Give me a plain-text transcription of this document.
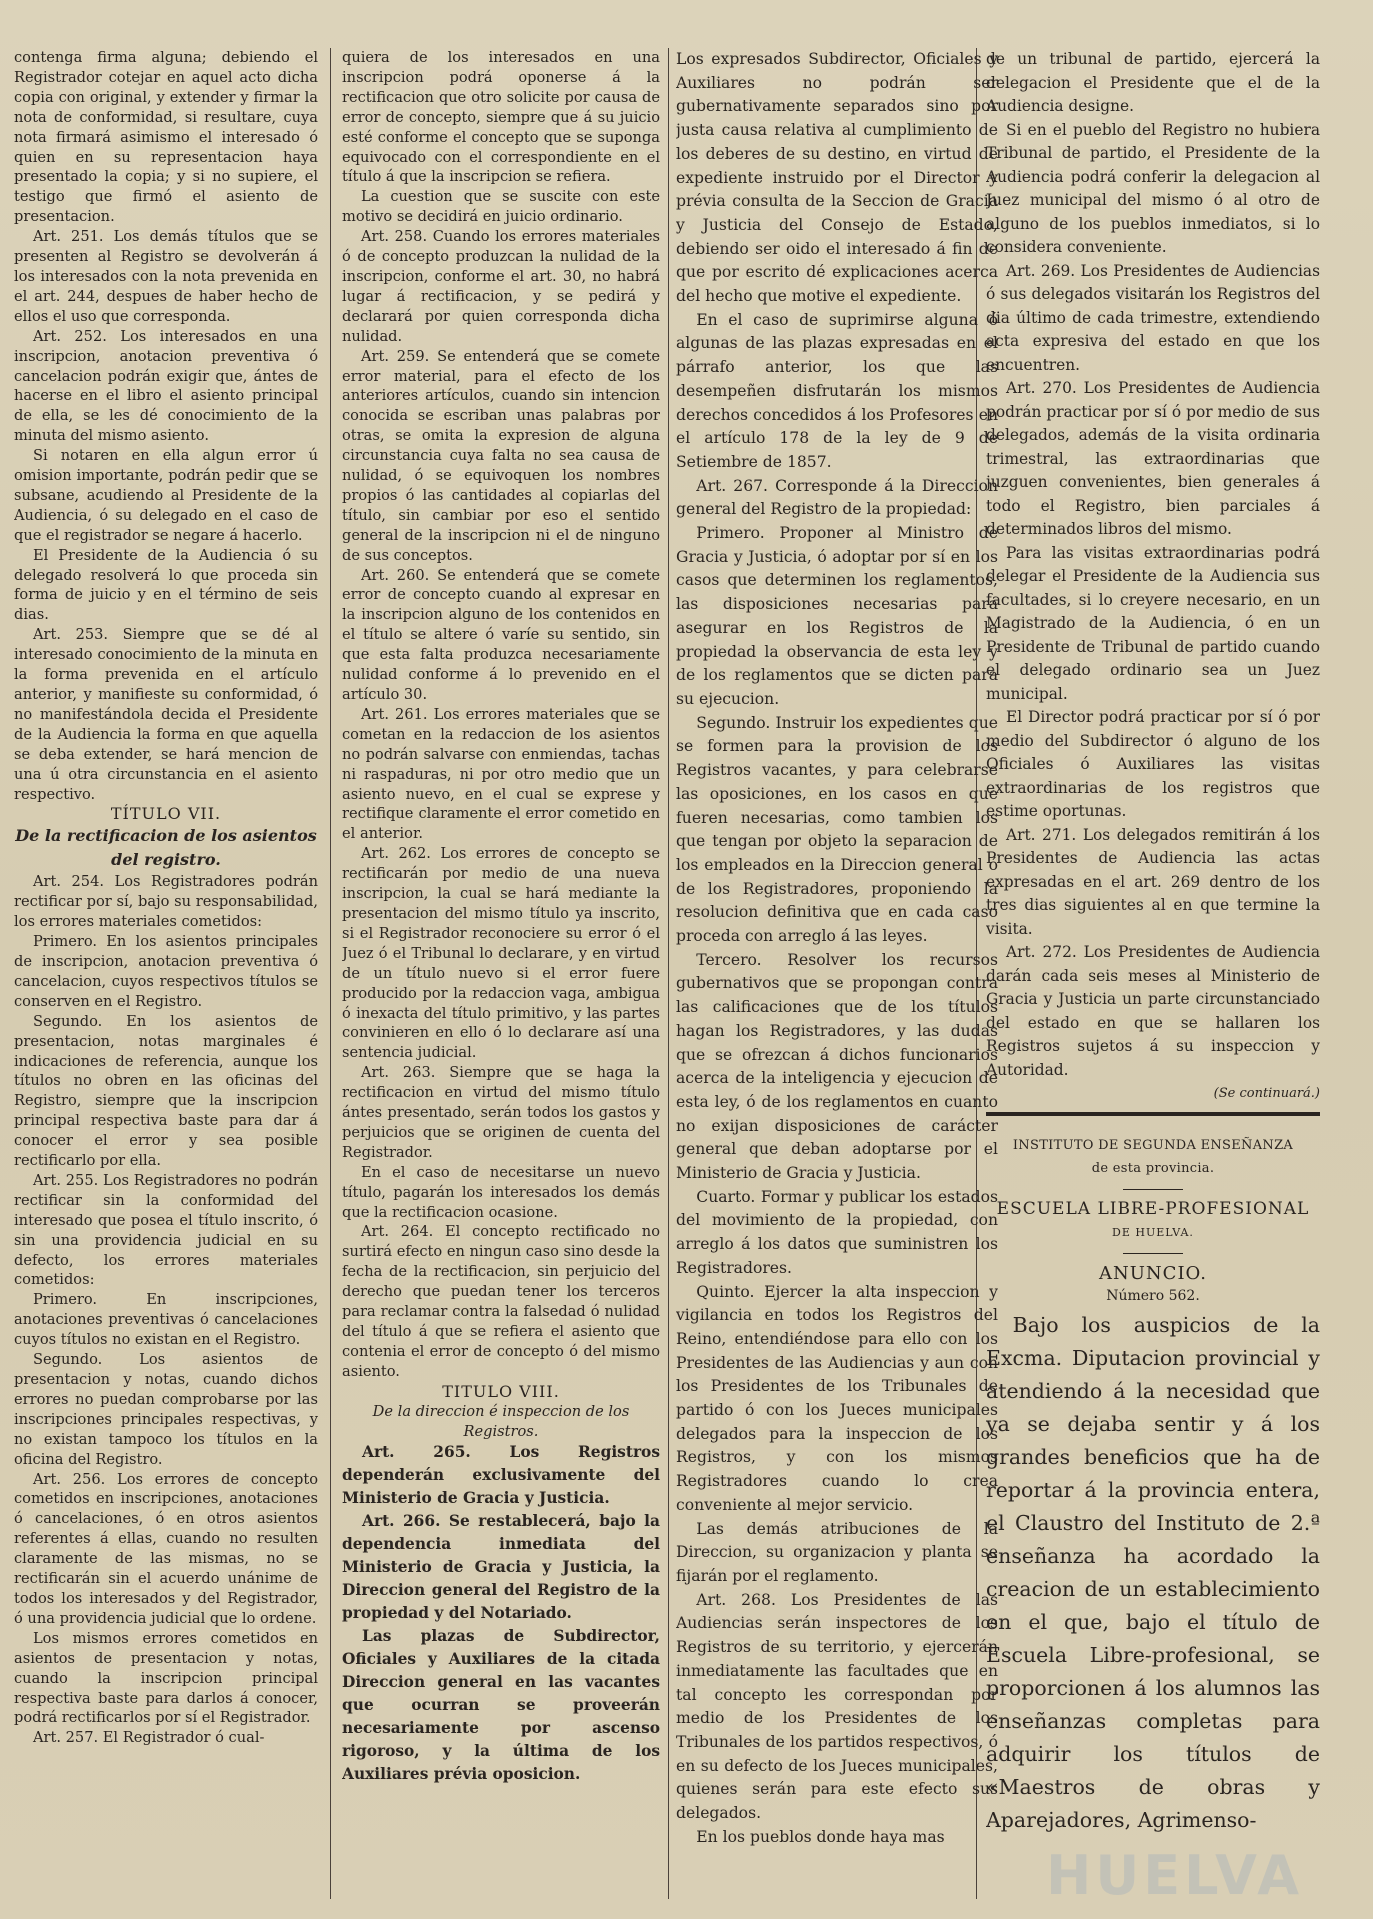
contenga firma alguna; debiendo el Registrador cotejar en aquel acto dicha copia con original, y extender y firmar la nota de conformidad, si resultare, cuya nota firmará asimismo el interesado ó quien en su representacion haya presentado la copia; y si no supiere, el testigo que firmó el asiento de presentacion.

Art. 251. Los demás títulos que se presenten al Registro se devolverán á los interesados con la nota prevenida en el art. 244, despues de haber hecho de ellos el uso que corresponda.

Art. 252. Los interesados en una inscripcion, anotacion preventiva ó cancelacion podrán exigir que, ántes de hacerse en el libro el asiento principal de ella, se les dé conocimiento de la minuta del mismo asiento.

Si notaren en ella algun error ú omision importante, podrán pedir que se subsane, acudiendo al Presidente de la Audiencia, ó su delegado en el caso de que el registrador se negare á hacerlo.

El Presidente de la Audiencia ó su delegado resolverá lo que proceda sin forma de juicio y en el término de seis dias.

Art. 253. Siempre que se dé al interesado conocimiento de la minuta en la forma prevenida en el artículo anterior, y manifieste su conformidad, ó no manifestándola decida el Presidente de la Audiencia la forma en que aquella se deba extender, se hará mencion de una ú otra circunstancia en el asiento respectivo.

TÍTULO VII.

De la rectificacion de los asientos del registro.

Art. 254. Los Registradores podrán rectificar por sí, bajo su responsabilidad, los errores materiales cometidos:

Primero. En los asientos principales de inscripcion, anotacion preventiva ó cancelacion, cuyos respectivos títulos se conserven en el Registro.

Segundo. En los asientos de presentacion, notas marginales é indicaciones de referencia, aunque los títulos no obren en las oficinas del Registro, siempre que la inscripcion principal respectiva baste para dar á conocer el error y sea posible rectificarlo por ella.

Art. 255. Los Registradores no podrán rectificar sin la conformidad del interesado que posea el título inscrito, ó sin una providencia judicial en su defecto, los errores materiales cometidos:

Primero. En inscripciones, anotaciones preventivas ó cancelaciones cuyos títulos no existan en el Registro.

Segundo. Los asientos de presentacion y notas, cuando dichos errores no puedan comprobarse por las inscripciones principales respectivas, y no existan tampoco los títulos en la oficina del Registro.

Art. 256. Los errores de concepto cometidos en inscripciones, anotaciones ó cancelaciones, ó en otros asientos referentes á ellas, cuando no resulten claramente de las mismas, no se rectificarán sin el acuerdo unánime de todos los interesados y del Registrador, ó una providencia judicial que lo ordene.

Los mismos errores cometidos en asientos de presentacion y notas, cuando la inscripcion principal respectiva baste para darlos á conocer, podrá rectificarlos por sí el Registrador.

Art. 257. El Registrador ó cual-

quiera de los interesados en una inscripcion podrá oponerse á la rectificacion que otro solicite por causa de error de concepto, siempre que á su juicio esté conforme el concepto que se suponga equivocado con el correspondiente en el título á que la inscripcion se refiera.

La cuestion que se suscite con este motivo se decidirá en juicio ordinario.

Art. 258. Cuando los errores materiales ó de concepto produzcan la nulidad de la inscripcion, conforme el art. 30, no habrá lugar á rectificacion, y se pedirá y declarará por quien corresponda dicha nulidad.

Art. 259. Se entenderá que se comete error material, para el efecto de los anteriores artículos, cuando sin intencion conocida se escriban unas palabras por otras, se omita la expresion de alguna circunstancia cuya falta no sea causa de nulidad, ó se equivoquen los nombres propios ó las cantidades al copiarlas del título, sin cambiar por eso el sentido general de la inscripcion ni el de ninguno de sus conceptos.

Art. 260. Se entenderá que se comete error de concepto cuando al expresar en la inscripcion alguno de los contenidos en el título se altere ó varíe su sentido, sin que esta falta produzca necesariamente nulidad conforme á lo prevenido en el artículo 30.

Art. 261. Los errores materiales que se cometan en la redaccion de los asientos no podrán salvarse con enmiendas, tachas ni raspaduras, ni por otro medio que un asiento nuevo, en el cual se exprese y rectifique claramente el error cometido en el anterior.

Art. 262. Los errores de concepto se rectificarán por medio de una nueva inscripcion, la cual se hará mediante la presentacion del mismo título ya inscrito, si el Registrador reconociere su error ó el Juez ó el Tribunal lo declarare, y en virtud de un título nuevo si el error fuere producido por la redaccion vaga, ambigua ó inexacta del título primitivo, y las partes convinieren en ello ó lo declarare así una sentencia judicial.

Art. 263. Siempre que se haga la rectificacion en virtud del mismo título ántes presentado, serán todos los gastos y perjuicios que se originen de cuenta del Registrador.

En el caso de necesitarse un nuevo título, pagarán los interesados los demás que la rectificacion ocasione.

Art. 264. El concepto rectificado no surtirá efecto en ningun caso sino desde la fecha de la rectificacion, sin perjuicio del derecho que puedan tener los terceros para reclamar contra la falsedad ó nulidad del título á que se refiera el asiento que contenia el error de concepto ó del mismo asiento.

TITULO VIII.

De la direccion é inspeccion de los Registros.

Art. 265. Los Registros dependerán exclusivamente del Ministerio de Gracia y Justicia.

Art. 266. Se restablecerá, bajo la dependencia inmediata del Ministerio de Gracia y Justicia, la Direccion general del Registro de la propiedad y del Notariado.

Las plazas de Subdirector, Oficiales y Auxiliares de la citada Direccion general en las vacantes que ocurran se proveerán necesariamente por ascenso rigoroso, y la última de los Auxiliares prévia oposicion.

Los expresados Subdirector, Oficiales y Auxiliares no podrán ser gubernativamente separados sino por justa causa relativa al cumplimiento de los deberes de su destino, en virtud de expediente instruido por el Director y prévia consulta de la Seccion de Gracia y Justicia del Consejo de Estado, debiendo ser oido el interesado á fin de que por escrito dé explicaciones acerca del hecho que motive el expediente.

En el caso de suprimirse alguna ó algunas de las plazas expresadas en el párrafo anterior, los que las desempeñen disfrutarán los mismos derechos concedidos á los Profesores en el artículo 178 de la ley de 9 de Setiembre de 1857.

Art. 267. Corresponde á la Direccion general del Registro de la propiedad:

Primero. Proponer al Ministro de Gracia y Justicia, ó adoptar por sí en los casos que determinen los reglamentos, las disposiciones necesarias para asegurar en los Registros de la propiedad la observancia de esta ley y de los reglamentos que se dicten para su ejecucion.

Segundo. Instruir los expedientes que se formen para la provision de los Registros vacantes, y para celebrarse las oposiciones, en los casos en que fueren necesarias, como tambien los que tengan por objeto la separacion de los empleados en la Direccion general ó de los Registradores, proponiendo la resolucion definitiva que en cada caso proceda con arreglo á las leyes.

Tercero. Resolver los recursos gubernativos que se propongan contra las calificaciones que de los títulos hagan los Registradores, y las dudas que se ofrezcan á dichos funcionarios acerca de la inteligencia y ejecucion de esta ley, ó de los reglamentos en cuanto no exijan disposiciones de carácter general que deban adoptarse por el Ministerio de Gracia y Justicia.

Cuarto. Formar y publicar los estados del movimiento de la propiedad, con arreglo á los datos que suministren los Registradores.

Quinto. Ejercer la alta inspeccion y vigilancia en todos los Registros del Reino, entendiéndose para ello con los Presidentes de las Audiencias y aun con los Presidentes de los Tribunales de partido ó con los Jueces municipales delegados para la inspeccion de los Registros, y con los mismos Registradores cuando lo crea conveniente al mejor servicio.

Las demás atribuciones de la Direccion, su organizacion y planta se fijarán por el reglamento.

Art. 268. Los Presidentes de las Audiencias serán inspectores de los Registros de su territorio, y ejercerán inmediatamente las facultades que en tal concepto les correspondan por medio de los Presidentes de los Tribunales de los partidos respectivos, ó en su defecto de los Jueces municipales, quienes serán para este efecto sus delegados.

En los pueblos donde haya mas

de un tribunal de partido, ejercerá la delegacion el Presidente que el de la Audiencia designe.

Si en el pueblo del Registro no hubiera Tribunal de partido, el Presidente de la Audiencia podrá conferir la delegacion al Juez municipal del mismo ó al otro de alguno de los pueblos inmediatos, si lo considera conveniente.

Art. 269. Los Presidentes de Audiencias ó sus delegados visitarán los Registros del dia último de cada trimestre, extendiendo acta expresiva del estado en que los encuentren.

Art. 270. Los Presidentes de Audiencia podrán practicar por sí ó por medio de sus delegados, además de la visita ordinaria trimestral, las extraordinarias que juzguen convenientes, bien generales á todo el Registro, bien parciales á determinados libros del mismo.

Para las visitas extraordinarias podrá delegar el Presidente de la Audiencia sus facultades, si lo creyere necesario, en un Magistrado de la Audiencia, ó en un Presidente de Tribunal de partido cuando el delegado ordinario sea un Juez municipal.

El Director podrá practicar por sí ó por medio del Subdirector ó alguno de los Oficiales ó Auxiliares las visitas extraordinarias de los registros que estime oportunas.

Art. 271. Los delegados remitirán á los Presidentes de Audiencia las actas expresadas en el art. 269 dentro de los tres dias siguientes al en que termine la visita.

Art. 272. Los Presidentes de Audiencia darán cada seis meses al Ministerio de Gracia y Justicia un parte circunstanciado del estado en que se hallaren los Registros sujetos á su inspeccion y Autoridad.

(Se continuará.)

INSTITUTO DE SEGUNDA ENSEÑANZA

de esta provincia.

ESCUELA LIBRE-PROFESIONAL

DE HUELVA.

ANUNCIO.

Número 562.

Bajo los auspicios de la Excma. Diputacion provincial y atendiendo á la necesidad que ya se dejaba sentir y á los grandes beneficios que ha de reportar á la provincia entera, el Claustro del Instituto de 2.ª enseñanza ha acordado la creacion de un establecimiento en el que, bajo el título de Escuela Libre-profesional, se proporcionen á los alumnos las enseñanzas completas para adquirir los títulos de «Maestros de obras y Aparejadores, Agrimenso-

HUELVA
